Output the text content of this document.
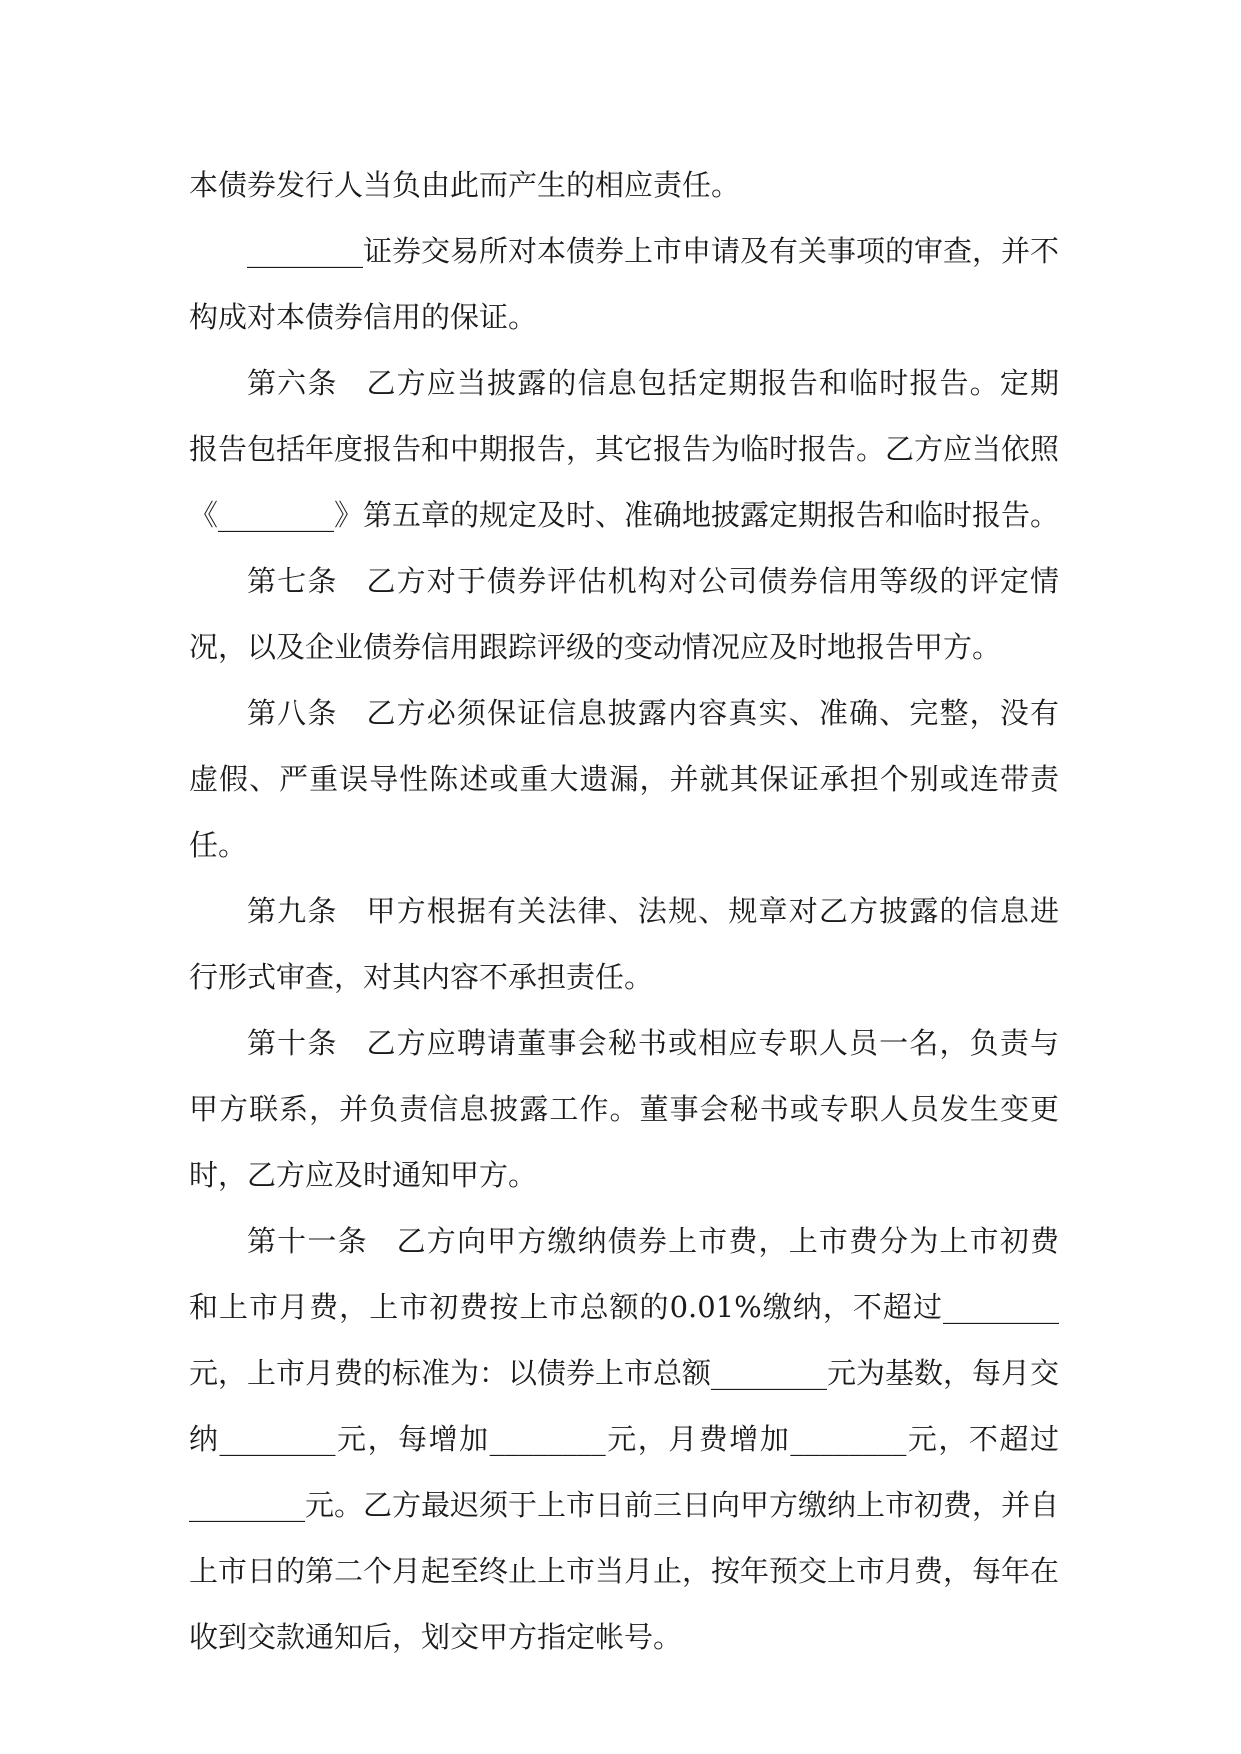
本债券发行人当负由此而产生的相应责任。

________证券交易所对本债券上市申请及有关事项的审查，并不构成对本债券信用的保证。

第六条 乙方应当披露的信息包括定期报告和临时报告。定期报告包括年度报告和中期报告，其它报告为临时报告。乙方应当依照《________》第五章的规定及时、准确地披露定期报告和临时报告。

第七条 乙方对于债券评估机构对公司债券信用等级的评定情况，以及企业债券信用跟踪评级的变动情况应及时地报告甲方。

第八条 乙方必须保证信息披露内容真实、准确、完整，没有虚假、严重误导性陈述或重大遗漏，并就其保证承担个别或连带责任。

第九条 甲方根据有关法律、法规、规章对乙方披露的信息进行形式审查，对其内容不承担责任。

第十条 乙方应聘请董事会秘书或相应专职人员一名，负责与甲方联系，并负责信息披露工作。董事会秘书或专职人员发生变更时，乙方应及时通知甲方。

第十一条 乙方向甲方缴纳债券上市费，上市费分为上市初费和上市月费，上市初费按上市总额的0.01%缴纳，不超过________元，上市月费的标准为：以债券上市总额________元为基数，每月交纳________元，每增加________元，月费增加________元，不超过________元。乙方最迟须于上市日前三日向甲方缴纳上市初费，并自上市日的第二个月起至终止上市当月止，按年预交上市月费，每年在收到交款通知后，划交甲方指定帐号。
